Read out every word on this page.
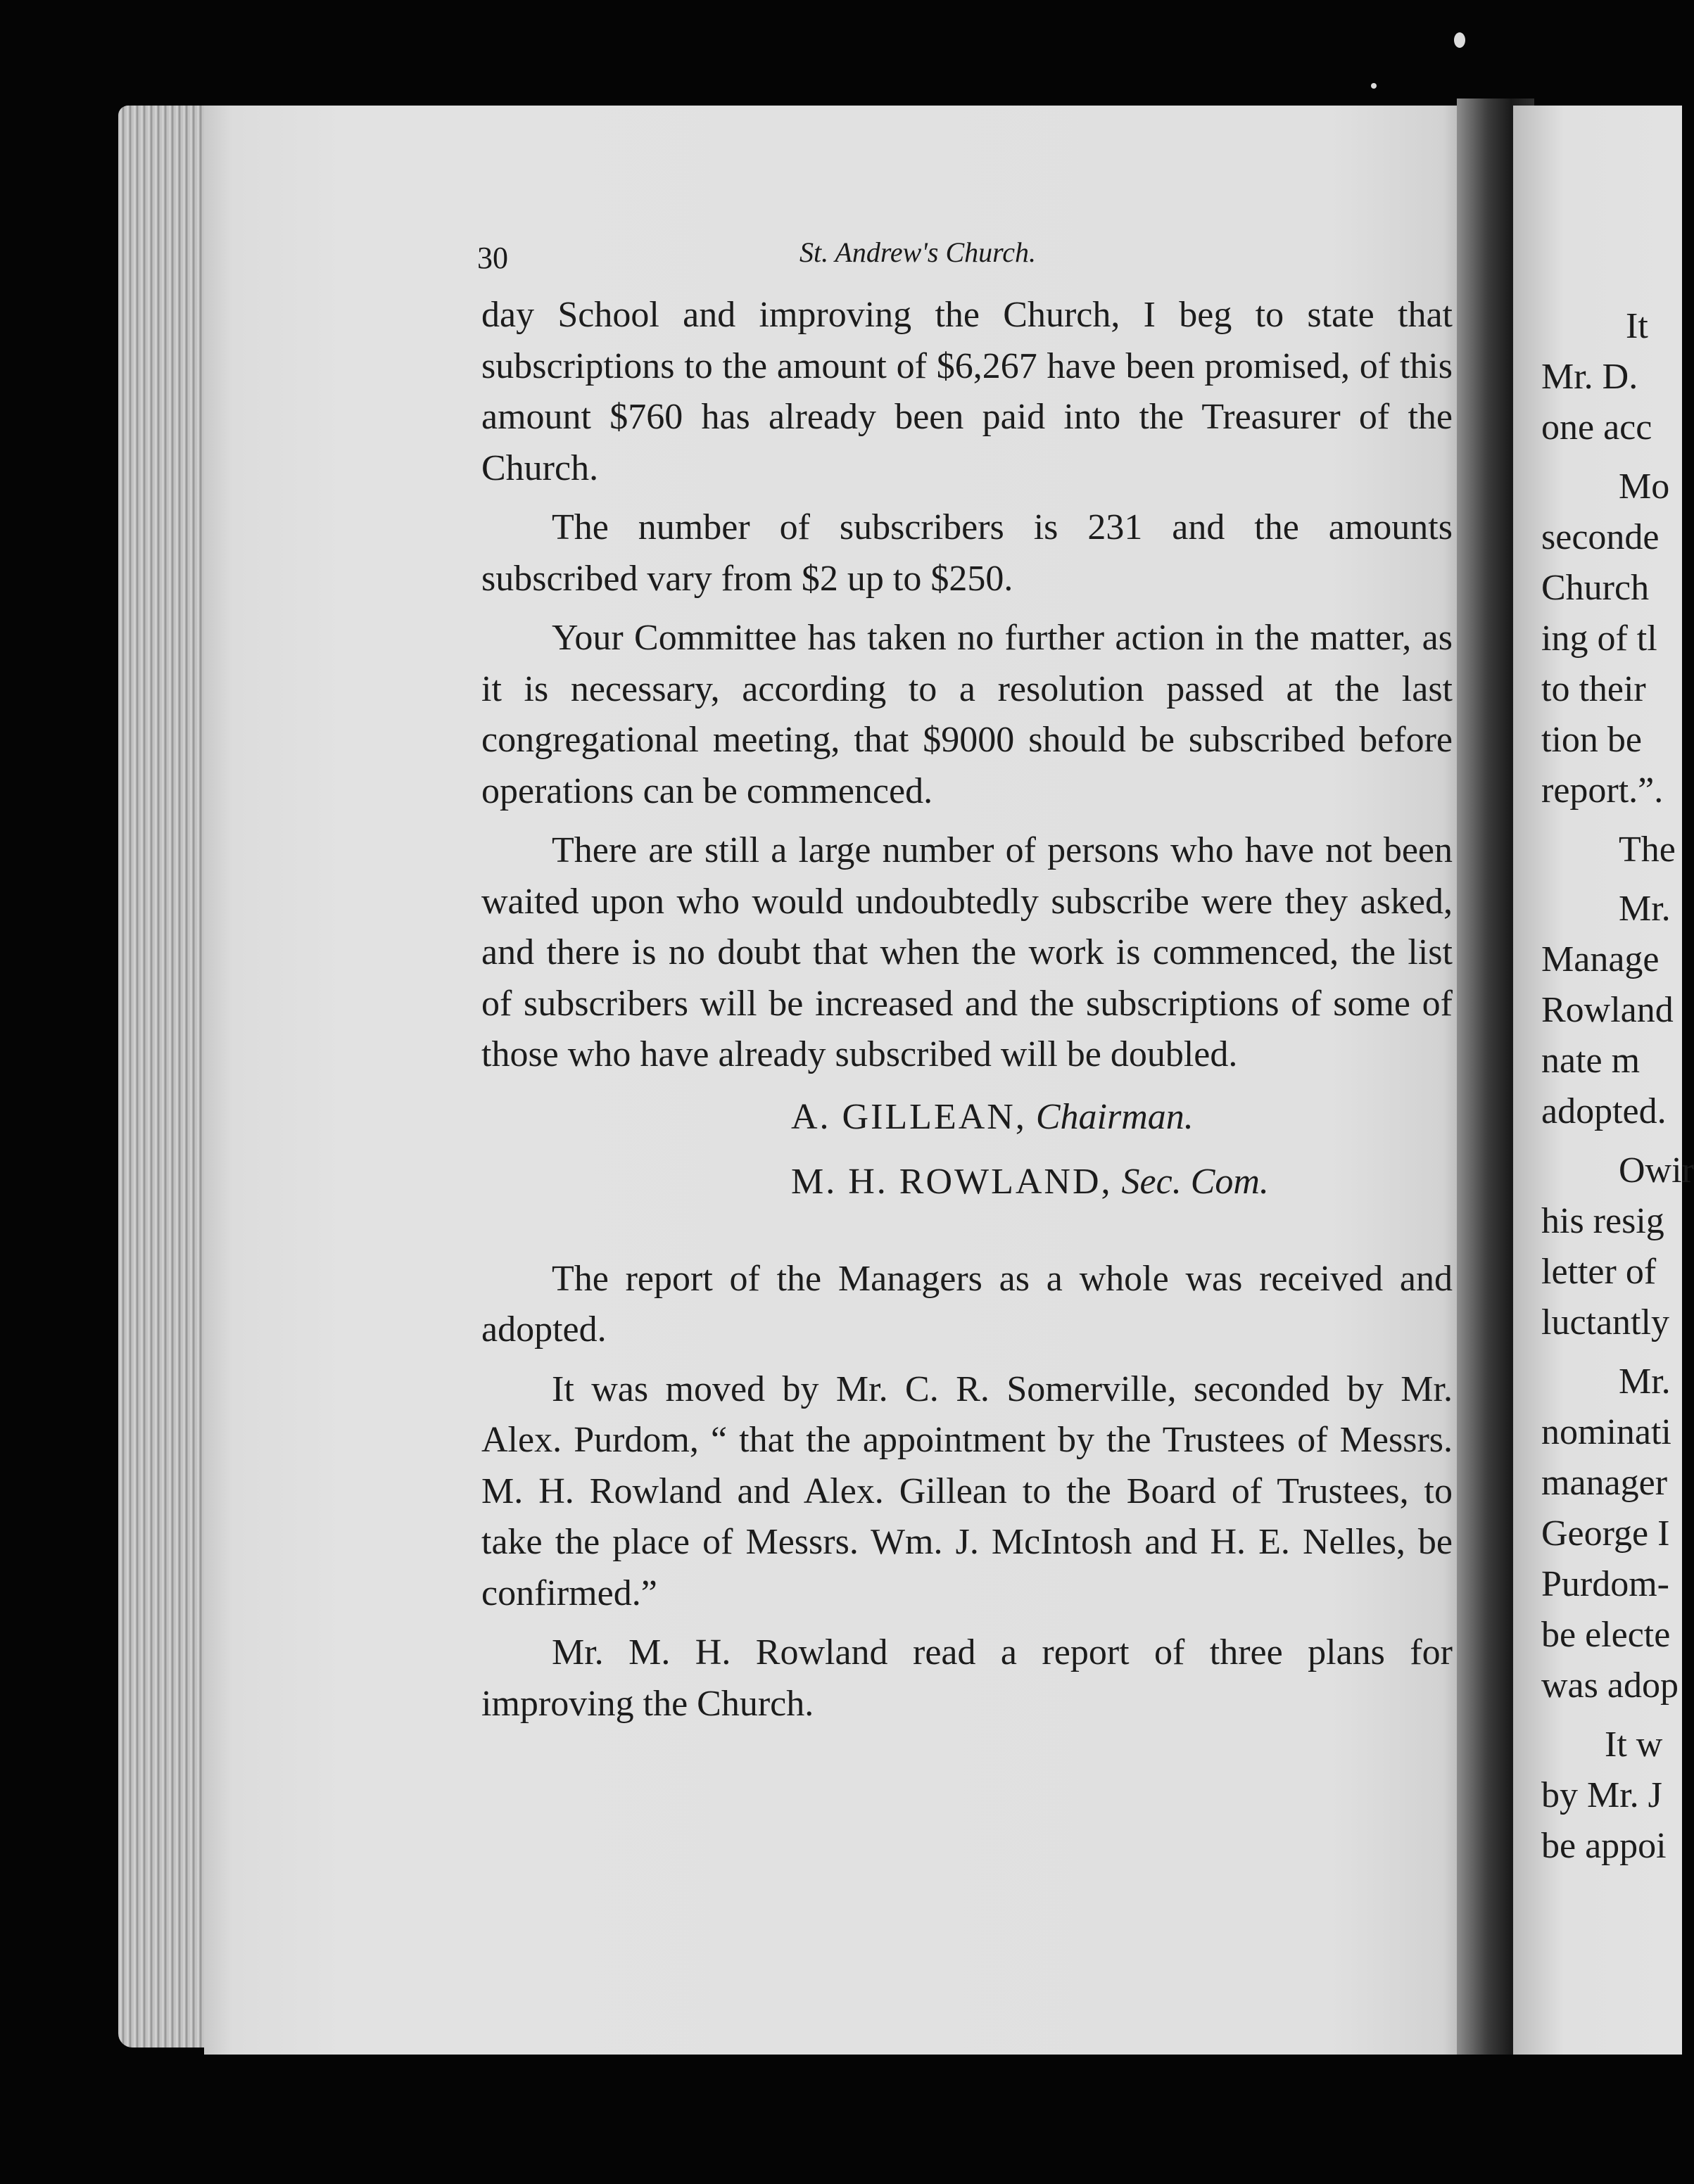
It
Mr. D.
one acc
Mo
seconde
Church
ing of tl
to their
tion be
report.”.
The
Mr.
Manage
Rowland
nate m
adopted.
Owir
his resig
letter of
luctantly
Mr.
nominati
manager
George I
Purdom-
be electe
was adop
It w
by Mr. J
be appoi
30	St. Andrew's Church.

day School and improving the Church, I beg to state that subscriptions to the amount of $6,267 have been promised, of this amount $760 has already been paid into the Treasurer of the Church.

The number of subscribers is 231 and the amounts subscribed vary from $2 up to $250.

Your Committee has taken no further action in the matter, as it is necessary, according to a resolution passed at the last congregational meeting, that $9000 should be subscribed before operations can be commenced.

There are still a large number of persons who have not been waited upon who would undoubtedly subscribe were they asked, and there is no doubt that when the work is commenced, the list of subscribers will be increased and the subscriptions of some of those who have already subscribed will be doubled.

A. GILLEAN, Chairman.

M. H. ROWLAND, Sec. Com.

The report of the Managers as a whole was received and adopted.

It was moved by Mr. C. R. Somerville, seconded by Mr. Alex. Purdom, “ that the appointment by the Trustees of Messrs. M. H. Rowland and Alex. Gillean to the Board of Trustees, to take the place of Messrs. Wm. J. McIntosh and H. E. Nelles, be confirmed.”

Mr. M. H. Rowland read a report of three plans for improving the Church.
